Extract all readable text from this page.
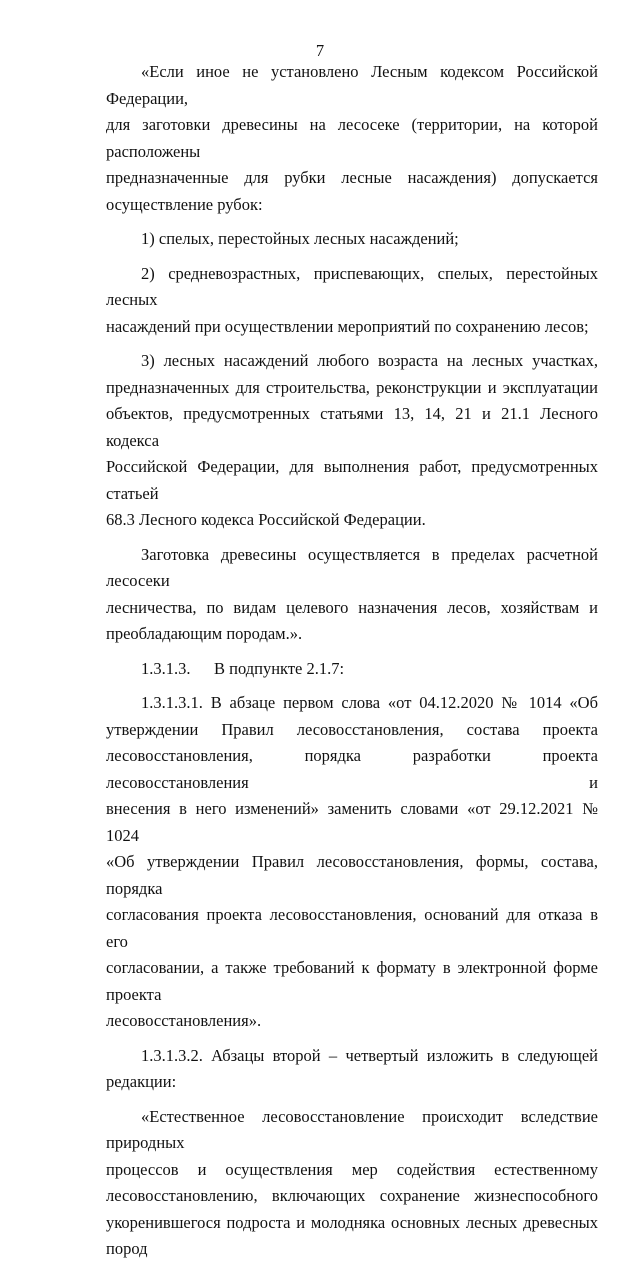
7
«Если иное не установлено Лесным кодексом Российской Федерации,
для заготовки древесины на лесосеке (территории, на которой расположены
предназначенные для рубки лесные насаждения) допускается
осуществление рубок:
1) спелых, перестойных лесных насаждений;
2) средневозрастных, приспевающих, спелых, перестойных лесных
насаждений при осуществлении мероприятий по сохранению лесов;
3) лесных насаждений любого возраста на лесных участках,
предназначенных для строительства, реконструкции и эксплуатации
объектов, предусмотренных статьями 13, 14, 21 и 21.1 Лесного кодекса
Российской Федерации, для выполнения работ, предусмотренных статьей
68.3 Лесного кодекса Российской Федерации.
Заготовка древесины осуществляется в пределах расчетной лесосеки
лесничества, по видам целевого назначения лесов, хозяйствам и
преобладающим породам.».
1.3.1.3.	В подпункте 2.1.7:
1.3.1.3.1. В абзаце первом слова «от 04.12.2020 № 1014 «Об
утверждении Правил лесовосстановления, состава проекта
лесовосстановления, порядка разработки проекта лесовосстановления и
внесения в него изменений» заменить словами «от 29.12.2021 № 1024
«Об утверждении Правил лесовосстановления, формы, состава, порядка
согласования проекта лесовосстановления, оснований для отказа в его
согласовании, а также требований к формату в электронной форме проекта
лесовосстановления».
1.3.1.3.2. Абзацы второй – четвертый изложить в следующей
редакции:
«Естественное лесовосстановление происходит вследствие природных
процессов и осуществления мер содействия естественному
лесовосстановлению, включающих сохранение жизнеспособного
укоренившегося подроста и молодняка основных лесных древесных пород
